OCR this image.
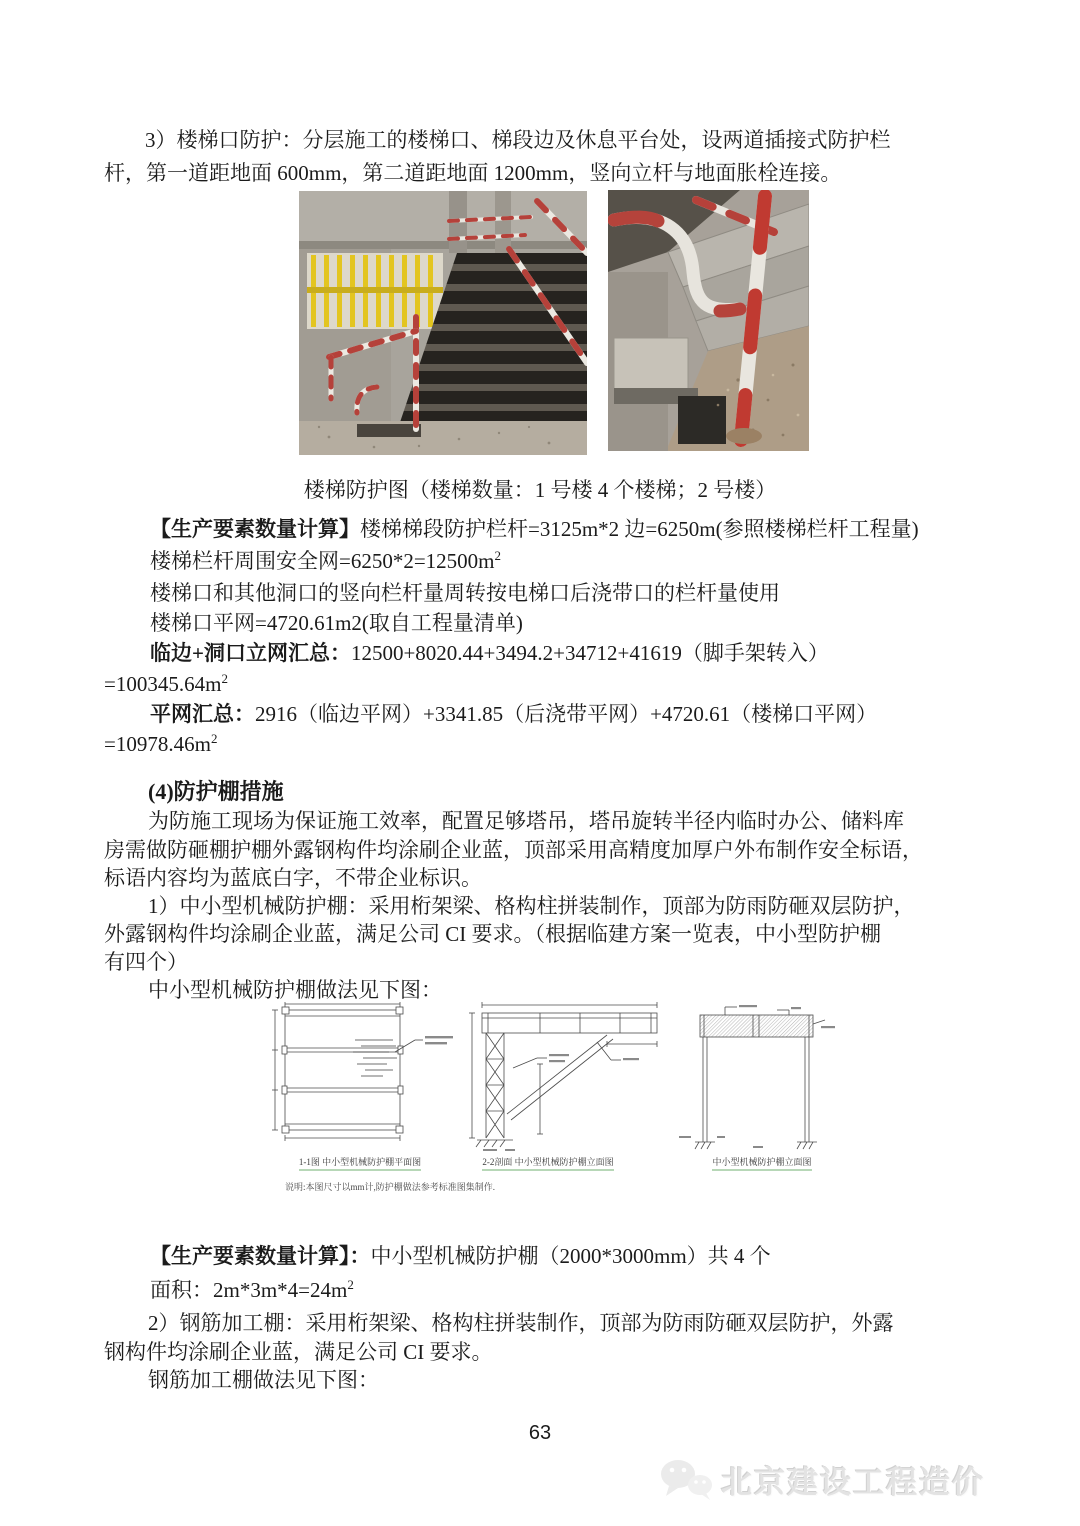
3）楼梯口防护：分层施工的楼梯口、梯段边及休息平台处，设两道插接式防护栏
杆，第一道距地面 600mm，第二道距地面 1200mm，竖向立杆与地面胀栓连接。
楼梯防护图（楼梯数量：1 号楼 4 个楼梯；2 号楼）
【生产要素数量计算】楼梯梯段防护栏杆=3125m*2 边=6250m(参照楼梯栏杆工程量)
楼梯栏杆周围安全网$=6250*2=12500m^2$
楼梯口和其他洞口的竖向栏杆量周转按电梯口后浇带口的栏杆量使用
楼梯口平网=4720.61m2(取自工程量清单)
临边+洞口立网汇总：12500+8020.44+3494.2+34712+41619（脚手架转入）
$=100345.64m^2$
平网汇总：2916（临边平网）+3341.85（后浇带平网）+4720.61（楼梯口平网）
$=10978.46m^2$
(4)防护棚措施
为防施工现场为保证施工效率，配置足够塔吊，塔吊旋转半径内临时办公、储料库
房需做防砸棚护棚外露钢构件均涂刷企业蓝，顶部采用高精度加厚户外布制作安全标语，
标语内容均为蓝底白字，不带企业标识。
1）中小型机械防护棚：采用桁架梁、格构柱拼装制作，顶部为防雨防砸双层防护，
外露钢构件均涂刷企业蓝，满足公司 CI 要求。（根据临建方案一览表，中小型防护棚
有四个）
中小型机械防护棚做法见下图：
1-1图 中小型机械防护棚平面图	2-2剖面 中小型机械防护棚立面图	中小型机械防护棚立面图
说明:本图尺寸以mm计,防护棚做法参考标准图集制作.
【生产要素数量计算】：中小型机械防护棚（2000*3000mm）共 4 个
面积：$2m*3m*4=24m^2$
2）钢筋加工棚：采用桁架梁、格构柱拼装制作，顶部为防雨防砸双层防护，外露
钢构件均涂刷企业蓝，满足公司 CI 要求。
钢筋加工棚做法见下图：
63
北京建设工程造价
